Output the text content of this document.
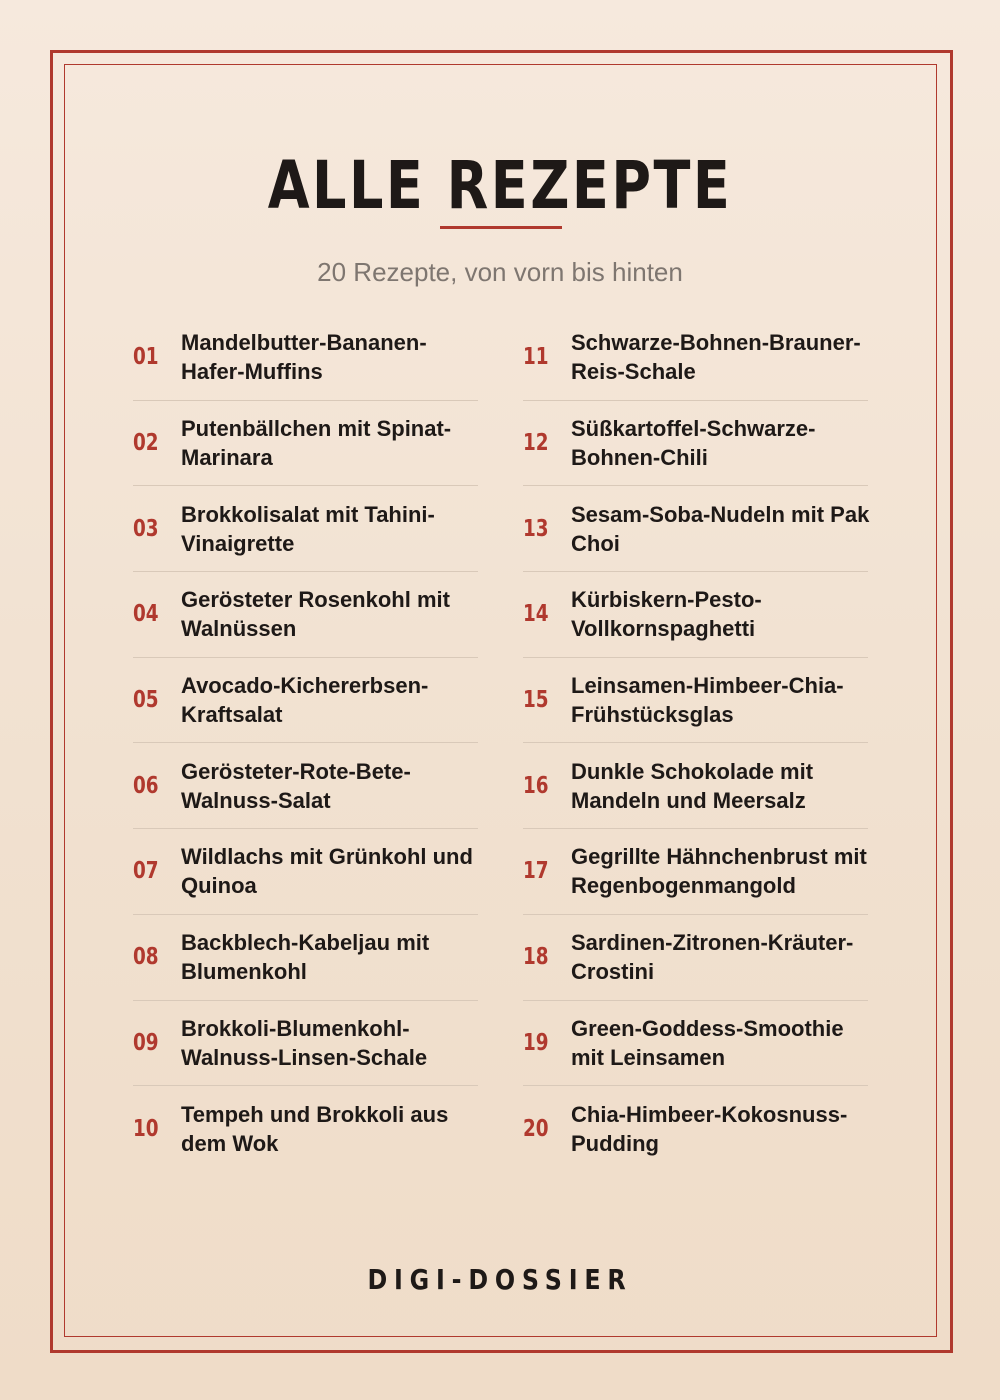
ALLE REZEPTE
20 Rezepte, von vorn bis hinten
01
Mandelbutter-Bananen-Hafer-Muffins
02
Putenbällchen mit Spinat-Marinara
03
Brokkolisalat mit Tahini-Vinaigrette
04
Gerösteter Rosenkohl mit Walnüssen
05
Avocado-Kichererbsen-Kraftsalat
06
Gerösteter-Rote-Bete-Walnuss-Salat
07
Wildlachs mit Grünkohl und Quinoa
08
Backblech-Kabeljau mit Blumenkohl
09
Brokkoli-Blumenkohl-Walnuss-Linsen-Schale
10
Tempeh und Brokkoli aus dem Wok
11
Schwarze-Bohnen-Brauner-Reis-Schale
12
Süßkartoffel-Schwarze-Bohnen-Chili
13
Sesam-Soba-Nudeln mit Pak Choi
14
Kürbiskern-Pesto-Vollkornspaghetti
15
Leinsamen-Himbeer-Chia-Frühstücksglas
16
Dunkle Schokolade mit Mandeln und Meersalz
17
Gegrillte Hähnchenbrust mit Regenbogenmangold
18
Sardinen-Zitronen-Kräuter-Crostini
19
Green-Goddess-Smoothie mit Leinsamen
20
Chia-Himbeer-Kokosnuss-Pudding
DIGI-DOSSIER
